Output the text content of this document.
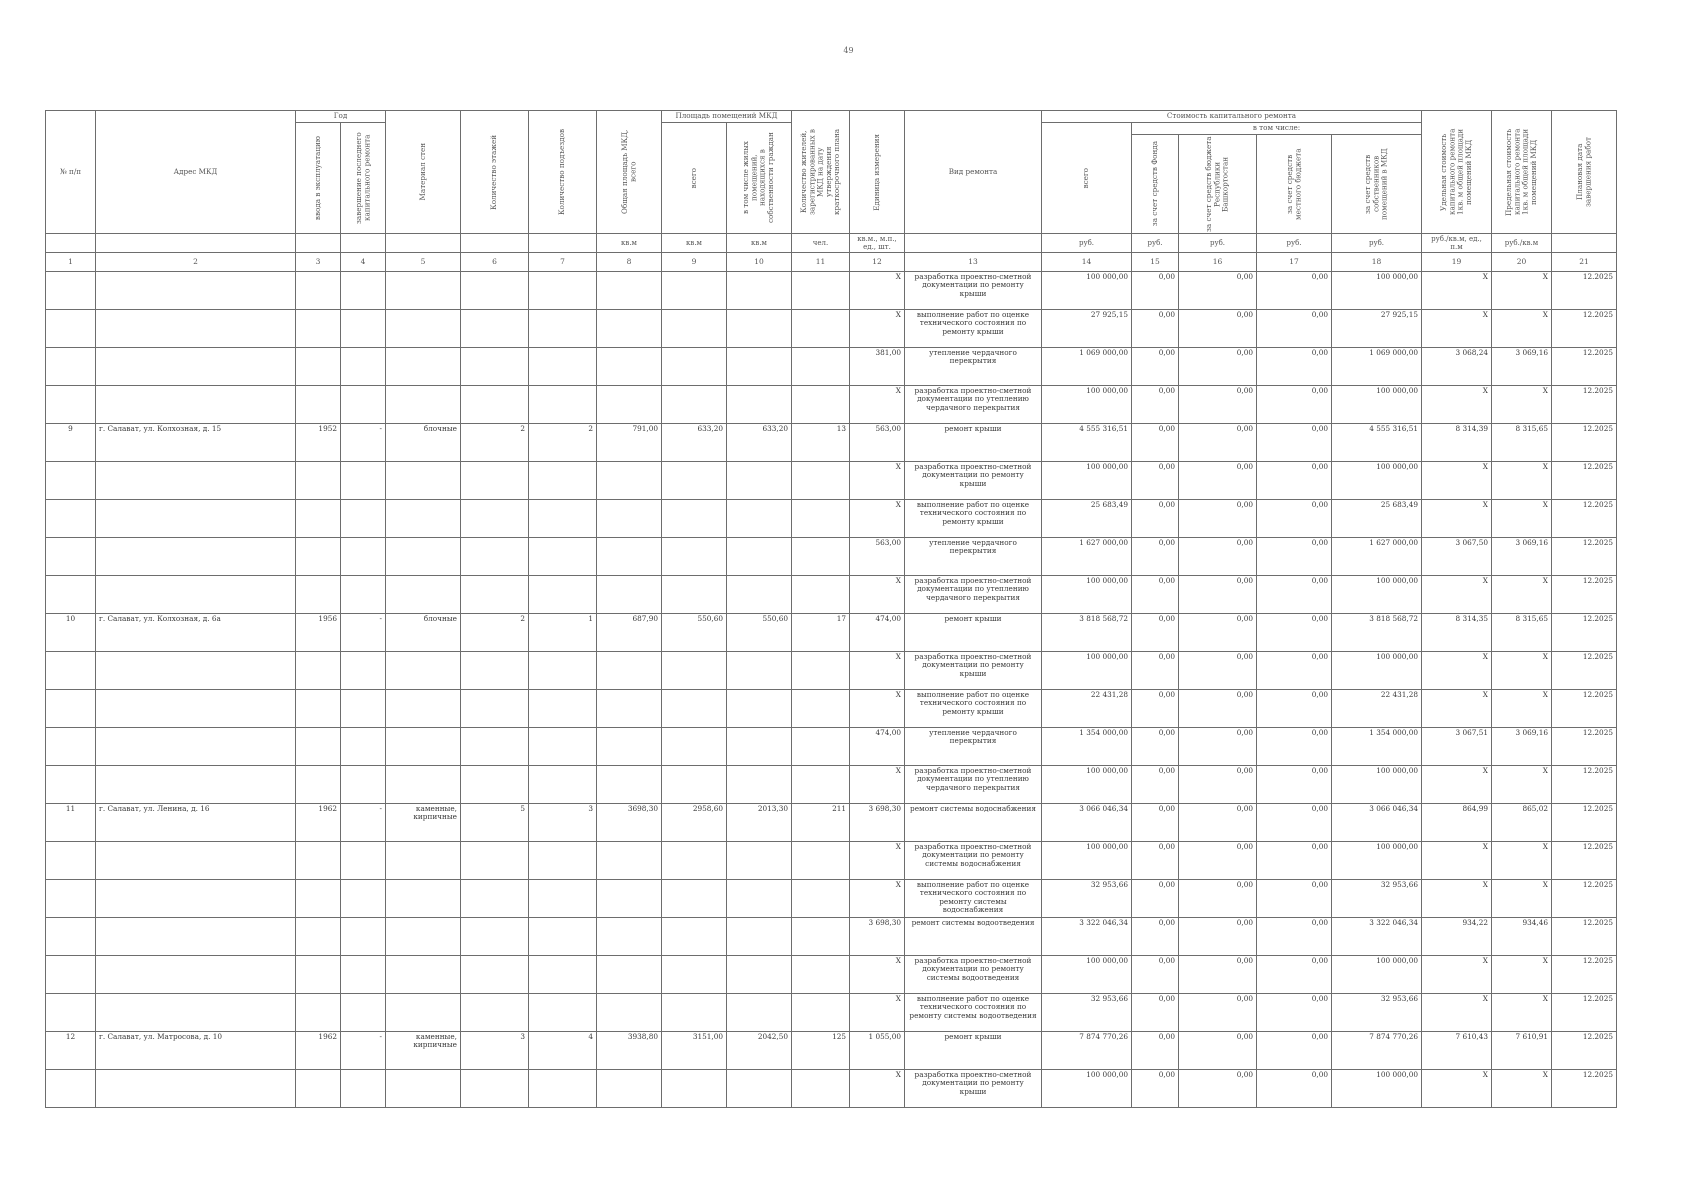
49
№ п/п	Адрес МКД	Год		Материал стен	Количество этажей	Количество подъездов	Общая площадь МКД, всего	Площадь помещений МКД		Количество жителей, зарегистрированных в МКД на дату утверждения краткосрочного плана	Единица измерения	Вид ремонта	Стоимость капитального ремонта					Удельная стоимость капитального ремонта 1кв. м общей площади помещений МКД	Предельная стоимость капитального ремонта 1кв. м общей площади помещений МКД	Плановая дата завершения работ

		ввода в эксплуатацию	завершение последнего капитального ремонта					всего	в том числе жилых помещений, находящихся в собственности граждан				всего	в том числе:						

														за счет средств Фонда	за счет средств бюджета Республики Башкортостан	за счет средств местного бюджета	за счет средств собственников помещений в МКД			

							кв.м	кв.м	кв.м	чел.	кв.м., м.п., ед., шт.		руб.	руб.	руб.	руб.	руб.	руб./кв.м, ед., п.м	руб./кв.м	
1	2	3	4	5	6	7	8	9	10	11	12	13	14	15	16	17	18	19	20	21
											X	разработка проектно-сметной документации по ремонту крыши	100 000,00	0,00	0,00	0,00	100 000,00	X	X	12.2025
											X	выполнение работ по оценке технического состояния по ремонту крыши	27 925,15	0,00	0,00	0,00	27 925,15	X	X	12.2025
											381,00	утепление чердачного перекрытия	1 069 000,00	0,00	0,00	0,00	1 069 000,00	3 068,24	3 069,16	12.2025
											X	разработка проектно-сметной документации по утеплению чердачного перекрытия	100 000,00	0,00	0,00	0,00	100 000,00	X	X	12.2025
9	г. Салават, ул. Колхозная, д. 15	1952	-	блочные	2	2	791,00	633,20	633,20	13	563,00	ремонт крыши	4 555 316,51	0,00	0,00	0,00	4 555 316,51	8 314,39	8 315,65	12.2025
											X	разработка проектно-сметной документации по ремонту крыши	100 000,00	0,00	0,00	0,00	100 000,00	X	X	12.2025
											X	выполнение работ по оценке технического состояния по ремонту крыши	25 683,49	0,00	0,00	0,00	25 683,49	X	X	12.2025
											563,00	утепление чердачного перекрытия	1 627 000,00	0,00	0,00	0,00	1 627 000,00	3 067,50	3 069,16	12.2025
											X	разработка проектно-сметной документации по утеплению чердачного перекрытия	100 000,00	0,00	0,00	0,00	100 000,00	X	X	12.2025
10	г. Салават, ул. Колхозная, д. 6а	1956	-	блочные	2	1	687,90	550,60	550,60	17	474,00	ремонт крыши	3 818 568,72	0,00	0,00	0,00	3 818 568,72	8 314,35	8 315,65	12.2025
											X	разработка проектно-сметной документации по ремонту крыши	100 000,00	0,00	0,00	0,00	100 000,00	X	X	12.2025
											X	выполнение работ по оценке технического состояния по ремонту крыши	22 431,28	0,00	0,00	0,00	22 431,28	X	X	12.2025
											474,00	утепление чердачного перекрытия	1 354 000,00	0,00	0,00	0,00	1 354 000,00	3 067,51	3 069,16	12.2025
											X	разработка проектно-сметной документации по утеплению чердачного перекрытия	100 000,00	0,00	0,00	0,00	100 000,00	X	X	12.2025
11	г. Салават, ул. Ленина, д. 16	1962	-	каменные, кирпичные	5	3	3698,30	2958,60	2013,30	211	3 698,30	ремонт системы водоснабжения	3 066 046,34	0,00	0,00	0,00	3 066 046,34	864,99	865,02	12.2025
											X	разработка проектно-сметной документации по ремонту системы водоснабжения	100 000,00	0,00	0,00	0,00	100 000,00	X	X	12.2025
											X	выполнение работ по оценке технического состояния по ремонту системы водоснабжения	32 953,66	0,00	0,00	0,00	32 953,66	X	X	12.2025
											3 698,30	ремонт системы водоотведения	3 322 046,34	0,00	0,00	0,00	3 322 046,34	934,22	934,46	12.2025
											X	разработка проектно-сметной документации по ремонту системы водоотведения	100 000,00	0,00	0,00	0,00	100 000,00	X	X	12.2025
											X	выполнение работ по оценке технического состояния по ремонту системы водоотведения	32 953,66	0,00	0,00	0,00	32 953,66	X	X	12.2025
12	г. Салават, ул. Матросова, д. 10	1962	-	каменные, кирпичные	3	4	3938,80	3151,00	2042,50	125	1 055,00	ремонт крыши	7 874 770,26	0,00	0,00	0,00	7 874 770,26	7 610,43	7 610,91	12.2025
											X	разработка проектно-сметной документации по ремонту крыши	100 000,00	0,00	0,00	0,00	100 000,00	X	X	12.2025
